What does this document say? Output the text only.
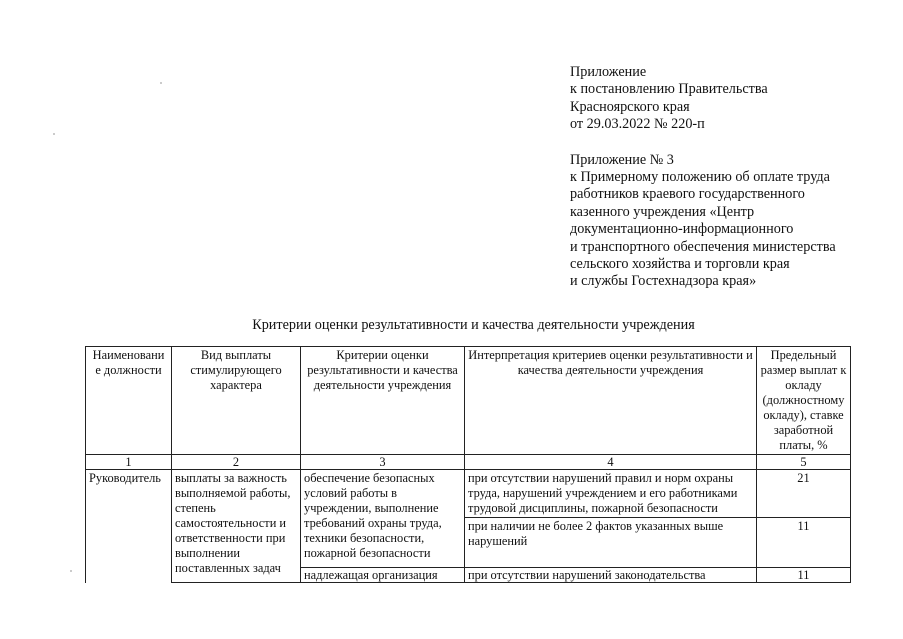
Приложение
к постановлению Правительства
Красноярского края
от 29.03.2022 № 220-п
Приложение № 3
к Примерному положению об оплате труда
работников краевого государственного
казенного учреждения «Центр
документационно-информационного
и транспортного обеспечения министерства
сельского хозяйства и торговли края
и службы Гостехнадзора края»
Критерии оценки результативности и качества деятельности учреждения
Наименовани е должности	Вид выплаты стимулирующего характера	Критерии оценки результативности и качества деятельности учреждения	Интерпретация критериев оценки результативности и качества деятельности учреждения	Предельный размер выплат к окладу (должностному окладу), ставке заработной платы, %
1	2	3	4	5
Руководитель	выплаты за важность выполняемой работы, степень самостоятельности и ответственности при выполнении поставленных задач	обеспечение безопасных условий работы в учреждении, выполнение требований охраны труда, техники безопасности, пожарной безопасности	при отсутствии нарушений правил и норм охраны труда, нарушений учреждением и его работниками трудовой дисциплины, пожарной безопасности	21
			при наличии не более 2 фактов указанных выше нарушений	11
		надлежащая организация	при отсутствии нарушений законодательства	11
